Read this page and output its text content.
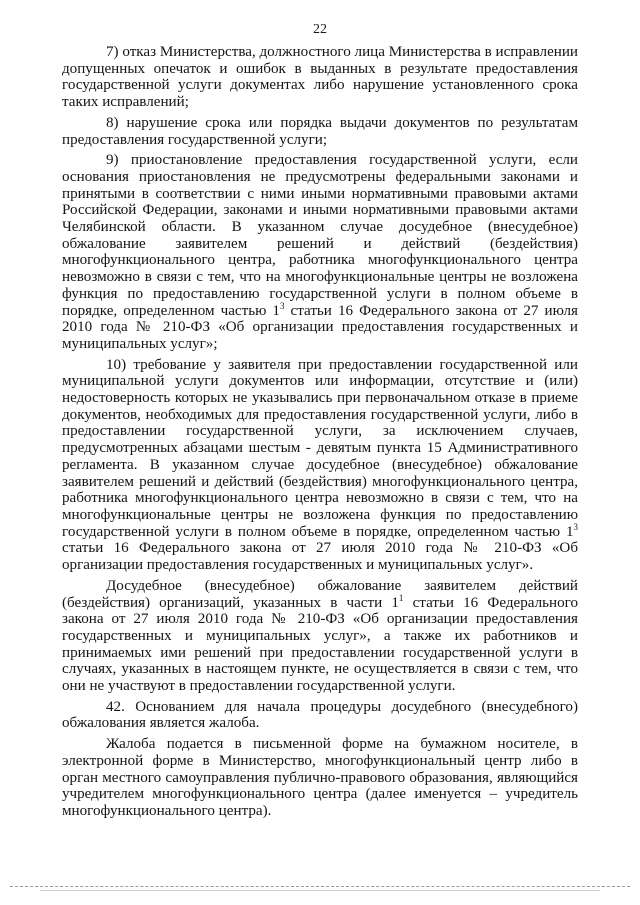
22

7) отказ Министерства, должностного лица Министерства в исправлении допущенных опечаток и ошибок в выданных в результате предоставления государственной услуги документах либо нарушение установленного срока таких исправлений;

8) нарушение срока или порядка выдачи документов по результатам предоставления государственной услуги;

9) приостановление предоставления государственной услуги, если основания приостановления не предусмотрены федеральными законами и принятыми в соответствии с ними иными нормативными правовыми актами Российской Федерации, законами и иными нормативными правовыми актами Челябинской области. В указанном случае досудебное (внесудебное) обжалование заявителем решений и действий (бездействия) многофункционального центра, работника многофункционального центра невозможно в связи с тем, что на многофункциональные центры не возложена функция по предоставлению государственной услуги в полном объеме в порядке, определенном частью $1^3$ статьи 16 Федерального закона от 27 июля 2010 года № 210-ФЗ «Об организации предоставления государственных и муниципальных услуг»;

10) требование у заявителя при предоставлении государственной или муниципальной услуги документов или информации, отсутствие и (или) недостоверность которых не указывались при первоначальном отказе в приеме документов, необходимых для предоставления государственной услуги, либо в предоставлении государственной услуги, за исключением случаев, предусмотренных абзацами шестым - девятым пункта 15 Административного регламента. В указанном случае досудебное (внесудебное) обжалование заявителем решений и действий (бездействия) многофункционального центра, работника многофункционального центра невозможно в связи с тем, что на многофункциональные центры не возложена функция по предоставлению государственной услуги в полном объеме в порядке, определенном частью $1^3$ статьи 16 Федерального закона от 27 июля 2010 года № 210-ФЗ «Об организации предоставления государственных и муниципальных услуг».

Досудебное (внесудебное) обжалование заявителем действий (бездействия) организаций, указанных в части $1^1$ статьи 16 Федерального закона от 27 июля 2010 года № 210-ФЗ «Об организации предоставления государственных и муниципальных услуг», а также их работников и принимаемых ими решений при предоставлении государственной услуги в случаях, указанных в настоящем пункте, не осуществляется в связи с тем, что они не участвуют в предоставлении государственной услуги.

42. Основанием для начала процедуры досудебного (внесудебного) обжалования является жалоба.

Жалоба подается в письменной форме на бумажном носителе, в электронной форме в Министерство, многофункциональный центр либо в орган местного самоуправления публично-правового образования, являющийся учредителем многофункционального центра (далее именуется – учредитель многофункционального центра).
